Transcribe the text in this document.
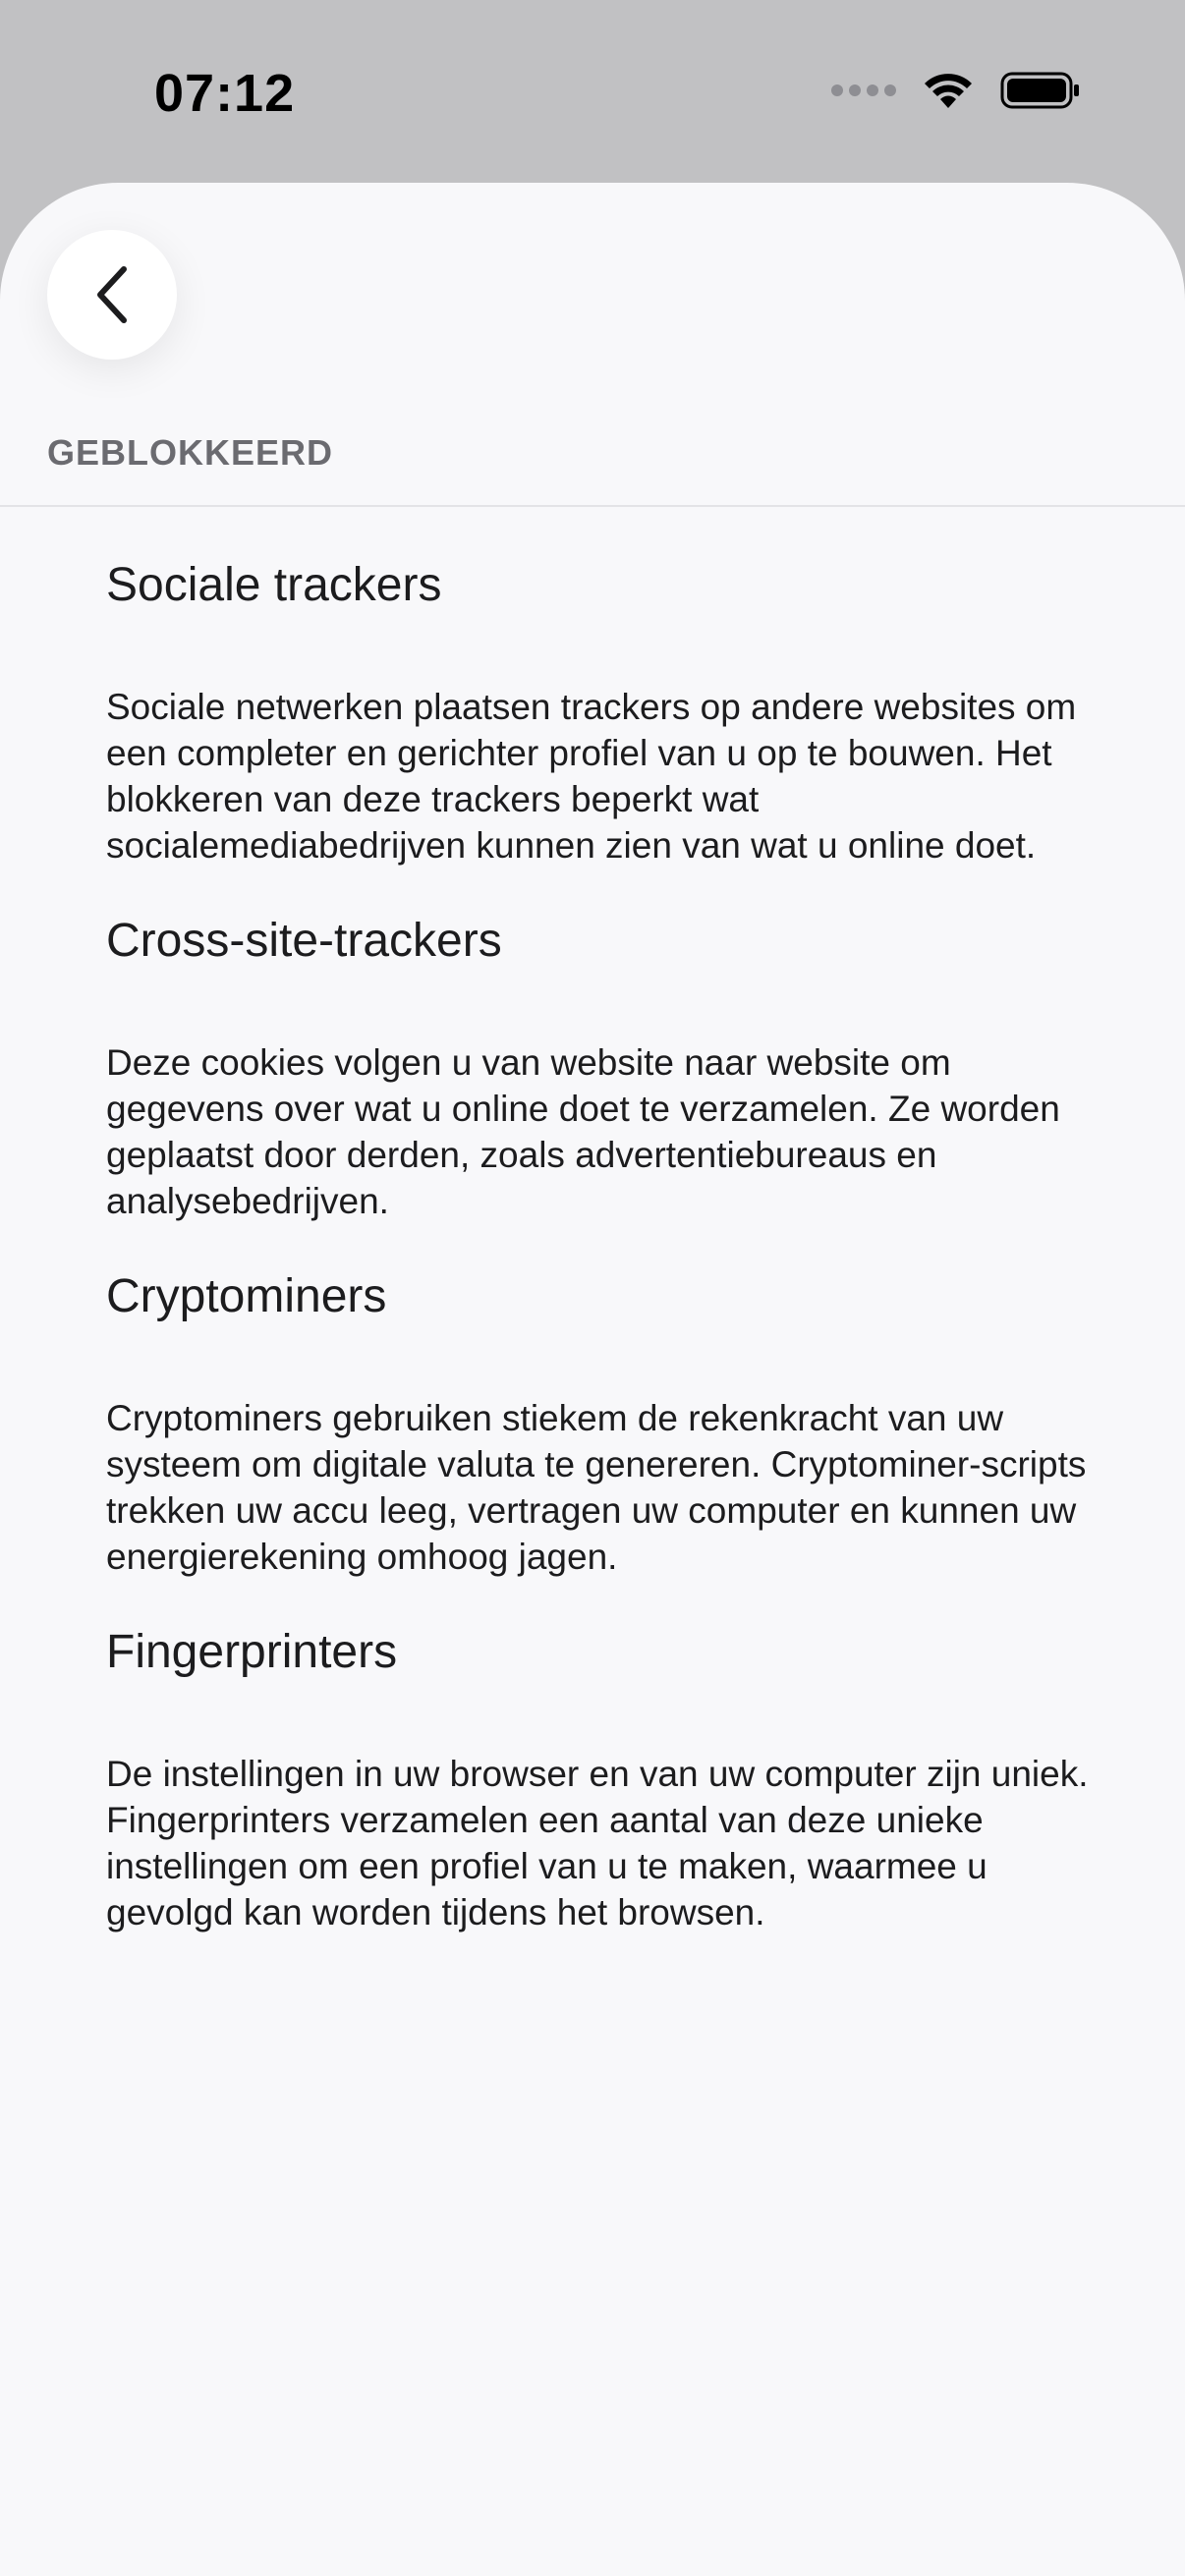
07:12
GEBLOKKEERD
Sociale trackers

Sociale netwerken plaatsen trackers op andere websites om een completer en gerichter profiel van u op te bouwen. Het blokkeren van deze trackers beperkt wat socialemediabedrijven kunnen zien van wat u online doet.

Cross-site-trackers

Deze cookies volgen u van website naar website om gegevens over wat u online doet te verzamelen. Ze worden geplaatst door derden, zoals advertentiebureaus en analysebedrijven.

Cryptominers

Cryptominers gebruiken stiekem de rekenkracht van uw systeem om digitale valuta te genereren. Cryptominer-scripts trekken uw accu leeg, vertragen uw computer en kunnen uw energierekening omhoog jagen.

Fingerprinters

De instellingen in uw browser en van uw computer zijn uniek. Fingerprinters verzamelen een aantal van deze unieke instellingen om een profiel van u te maken, waarmee u gevolgd kan worden tijdens het browsen.
